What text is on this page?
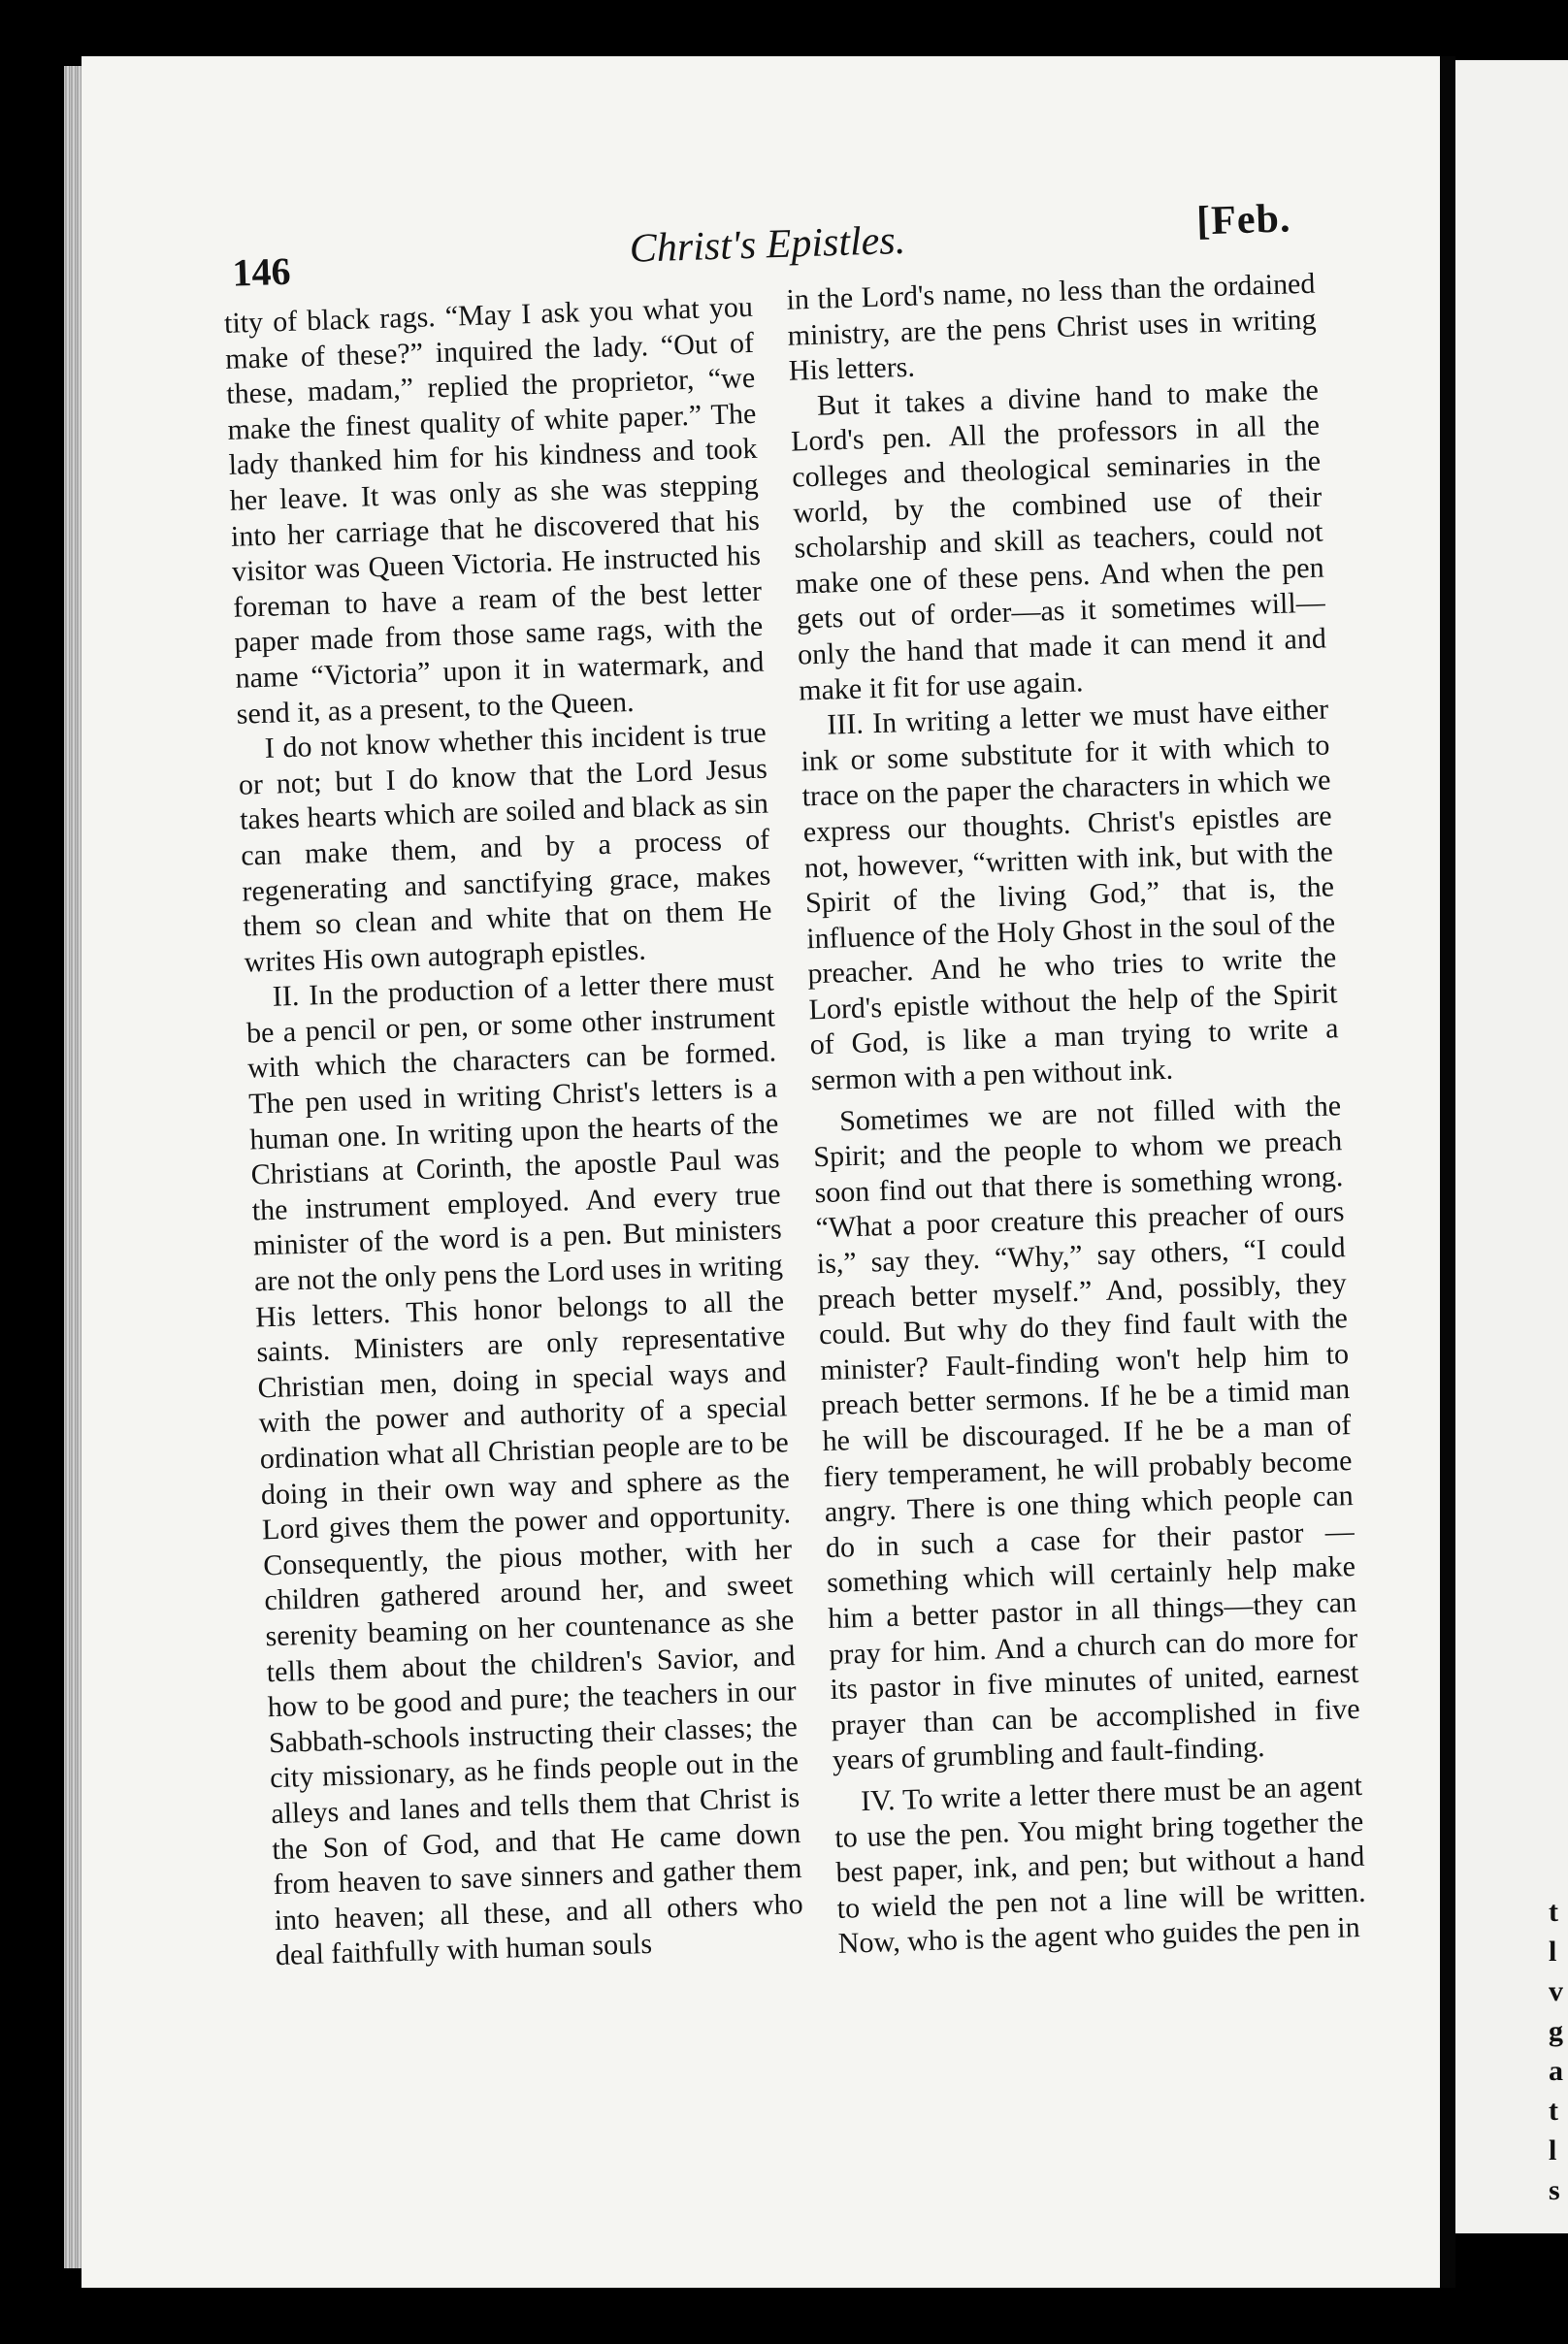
t
l
v
g
a
t
l
s
146
Christ's Epistles.	[Feb.

tity of black rags. “May I ask you what you make of these?” inquired the lady. “Out of these, madam,” replied the proprietor, “we make the finest quality of white paper.” The lady thanked him for his kindness and took her leave. It was only as she was stepping into her carriage that he discovered that his visitor was Queen Victoria. He instructed his foreman to have a ream of the best letter paper made from those same rags, with the name “Victoria” upon it in watermark, and send it, as a present, to the Queen.

I do not know whether this incident is true or not; but I do know that the Lord Jesus takes hearts which are soiled and black as sin can make them, and by a process of regenerating and sanctifying grace, makes them so clean and white that on them He writes His own autograph epistles.

II. In the production of a letter there must be a pencil or pen, or some other instrument with which the characters can be formed. The pen used in writing Christ's letters is a human one. In writing upon the hearts of the Christians at Corinth, the apostle Paul was the instrument employed. And every true minister of the word is a pen. But ministers are not the only pens the Lord uses in writing His letters. This honor belongs to all the saints. Ministers are only representative Christian men, doing in special ways and with the power and authority of a special ordination what all Christian people are to be doing in their own way and sphere as the Lord gives them the power and opportunity. Consequently, the pious mother, with her children gathered around her, and sweet serenity beaming on her countenance as she tells them about the children's Savior, and how to be good and pure; the teachers in our Sabbath-schools instructing their classes; the city missionary, as he finds people out in the alleys and lanes and tells them that Christ is the Son of God, and that He came down from heaven to save sinners and gather them into heaven; all these, and all others who deal faithfully with human souls

in the Lord's name, no less than the ordained ministry, are the pens Christ uses in writing His letters.

But it takes a divine hand to make the Lord's pen. All the professors in all the colleges and theological seminaries in the world, by the combined use of their scholarship and skill as teachers, could not make one of these pens. And when the pen gets out of order—as it sometimes will—only the hand that made it can mend it and make it fit for use again.

III. In writing a letter we must have either ink or some substitute for it with which to trace on the paper the characters in which we express our thoughts. Christ's epistles are not, however, “written with ink, but with the Spirit of the living God,” that is, the influence of the Holy Ghost in the soul of the preacher. And he who tries to write the Lord's epistle without the help of the Spirit of God, is like a man trying to write a sermon with a pen without ink.

Sometimes we are not filled with the Spirit; and the people to whom we preach soon find out that there is something wrong. “What a poor creature this preacher of ours is,” say they. “Why,” say others, “I could preach better myself.” And, possibly, they could. But why do they find fault with the minister? Fault-finding won't help him to preach better sermons. If he be a timid man he will be discouraged. If he be a man of fiery temperament, he will probably become angry. There is one thing which people can do in such a case for their pastor — something which will certainly help make him a better pastor in all things—they can pray for him. And a church can do more for its pastor in five minutes of united, earnest prayer than can be accomplished in five years of grumbling and fault-finding.

IV. To write a letter there must be an agent to use the pen. You might bring together the best paper, ink, and pen; but without a hand to wield the pen not a line will be written. Now, who is the agent who guides the pen in
